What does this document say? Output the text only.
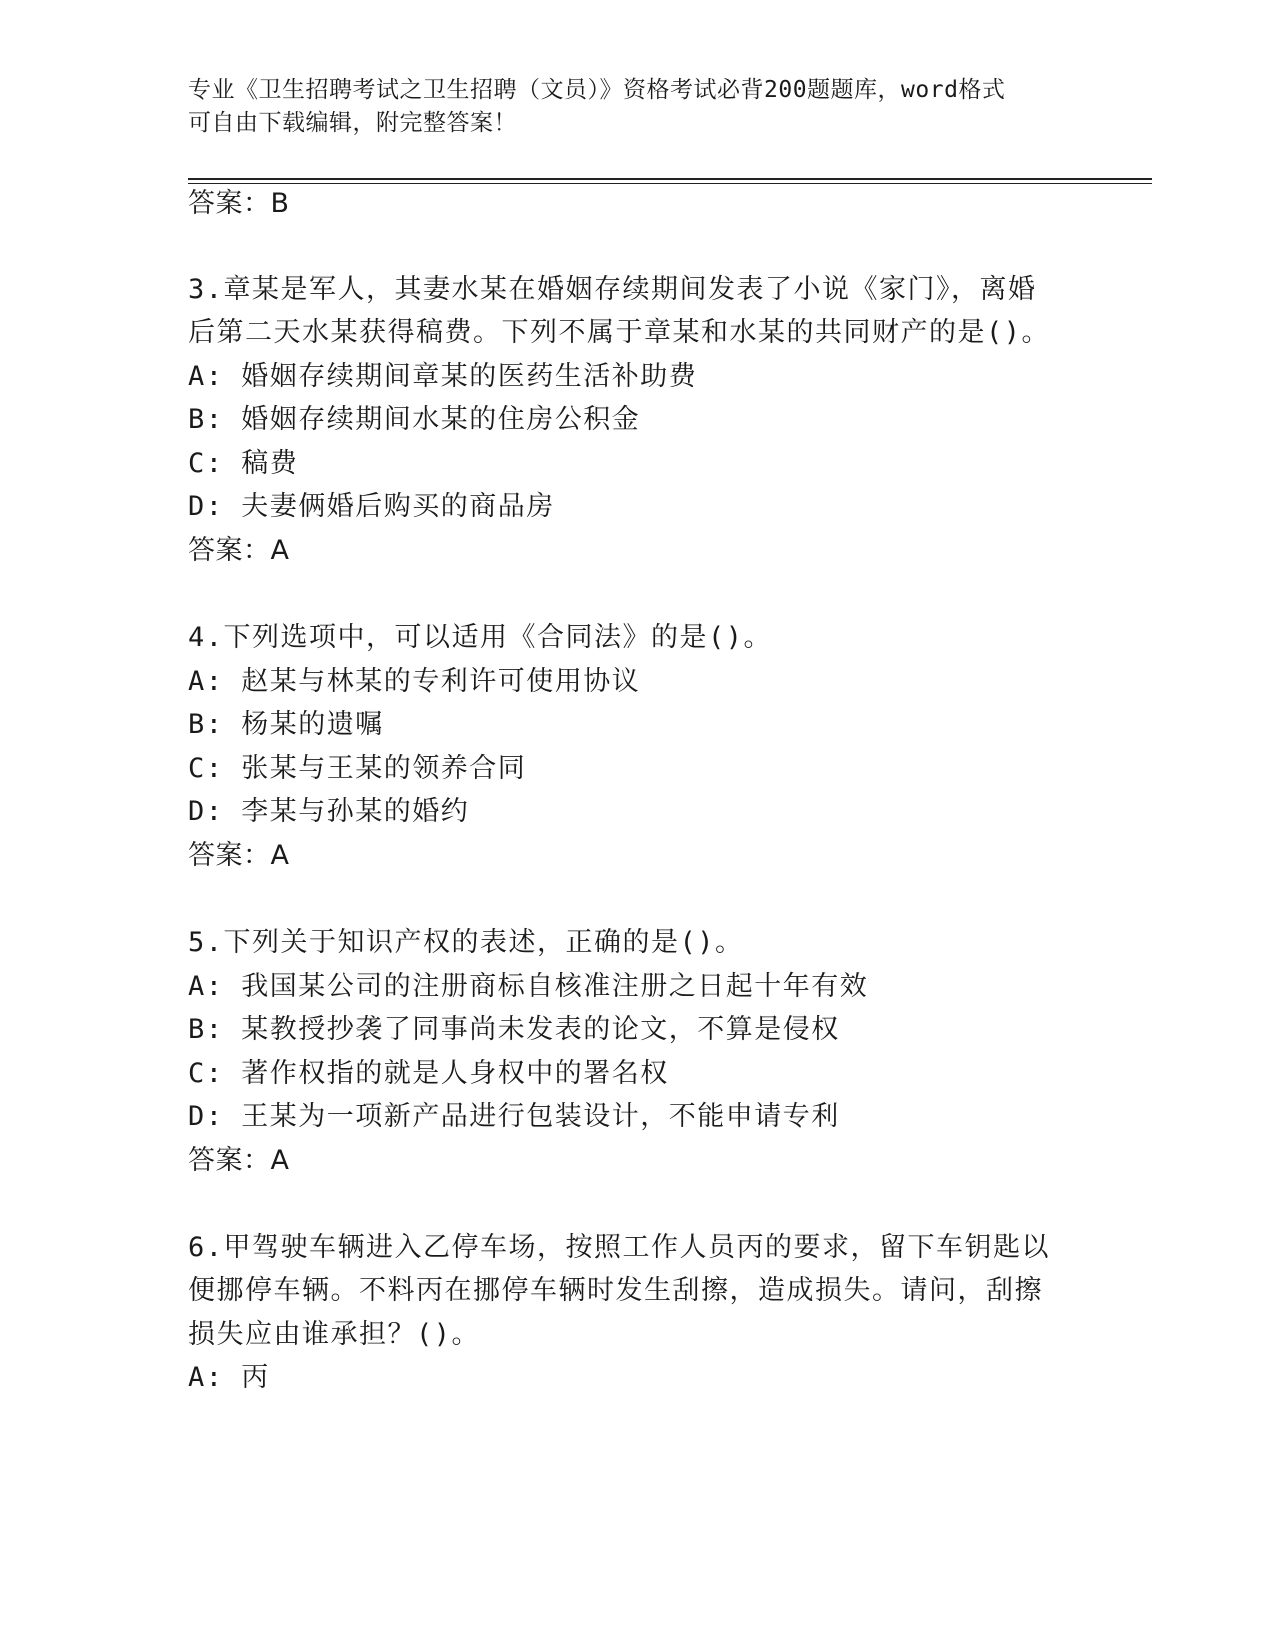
专业《卫生招聘考试之卫生招聘（文员）》资格考试必背200题题库，word格式
可自由下载编辑，附完整答案！
答案：B
3.章某是军人，其妻水某在婚姻存续期间发表了小说《家门》，离婚
后第二天水某获得稿费。下列不属于章某和水某的共同财产的是()。
A: 婚姻存续期间章某的医药生活补助费
B: 婚姻存续期间水某的住房公积金
C: 稿费
D: 夫妻俩婚后购买的商品房
答案：A
4.下列选项中，可以适用《合同法》的是()。
A: 赵某与林某的专利许可使用协议
B: 杨某的遗嘱
C: 张某与王某的领养合同
D: 李某与孙某的婚约
答案：A
5.下列关于知识产权的表述，正确的是()。
A: 我国某公司的注册商标自核准注册之日起十年有效
B: 某教授抄袭了同事尚未发表的论文，不算是侵权
C: 著作权指的就是人身权中的署名权
D: 王某为一项新产品进行包装设计，不能申请专利
答案：A
6.甲驾驶车辆进入乙停车场，按照工作人员丙的要求，留下车钥匙以
便挪停车辆。不料丙在挪停车辆时发生刮擦，造成损失。请问，刮擦
损失应由谁承担？()。
A: 丙
